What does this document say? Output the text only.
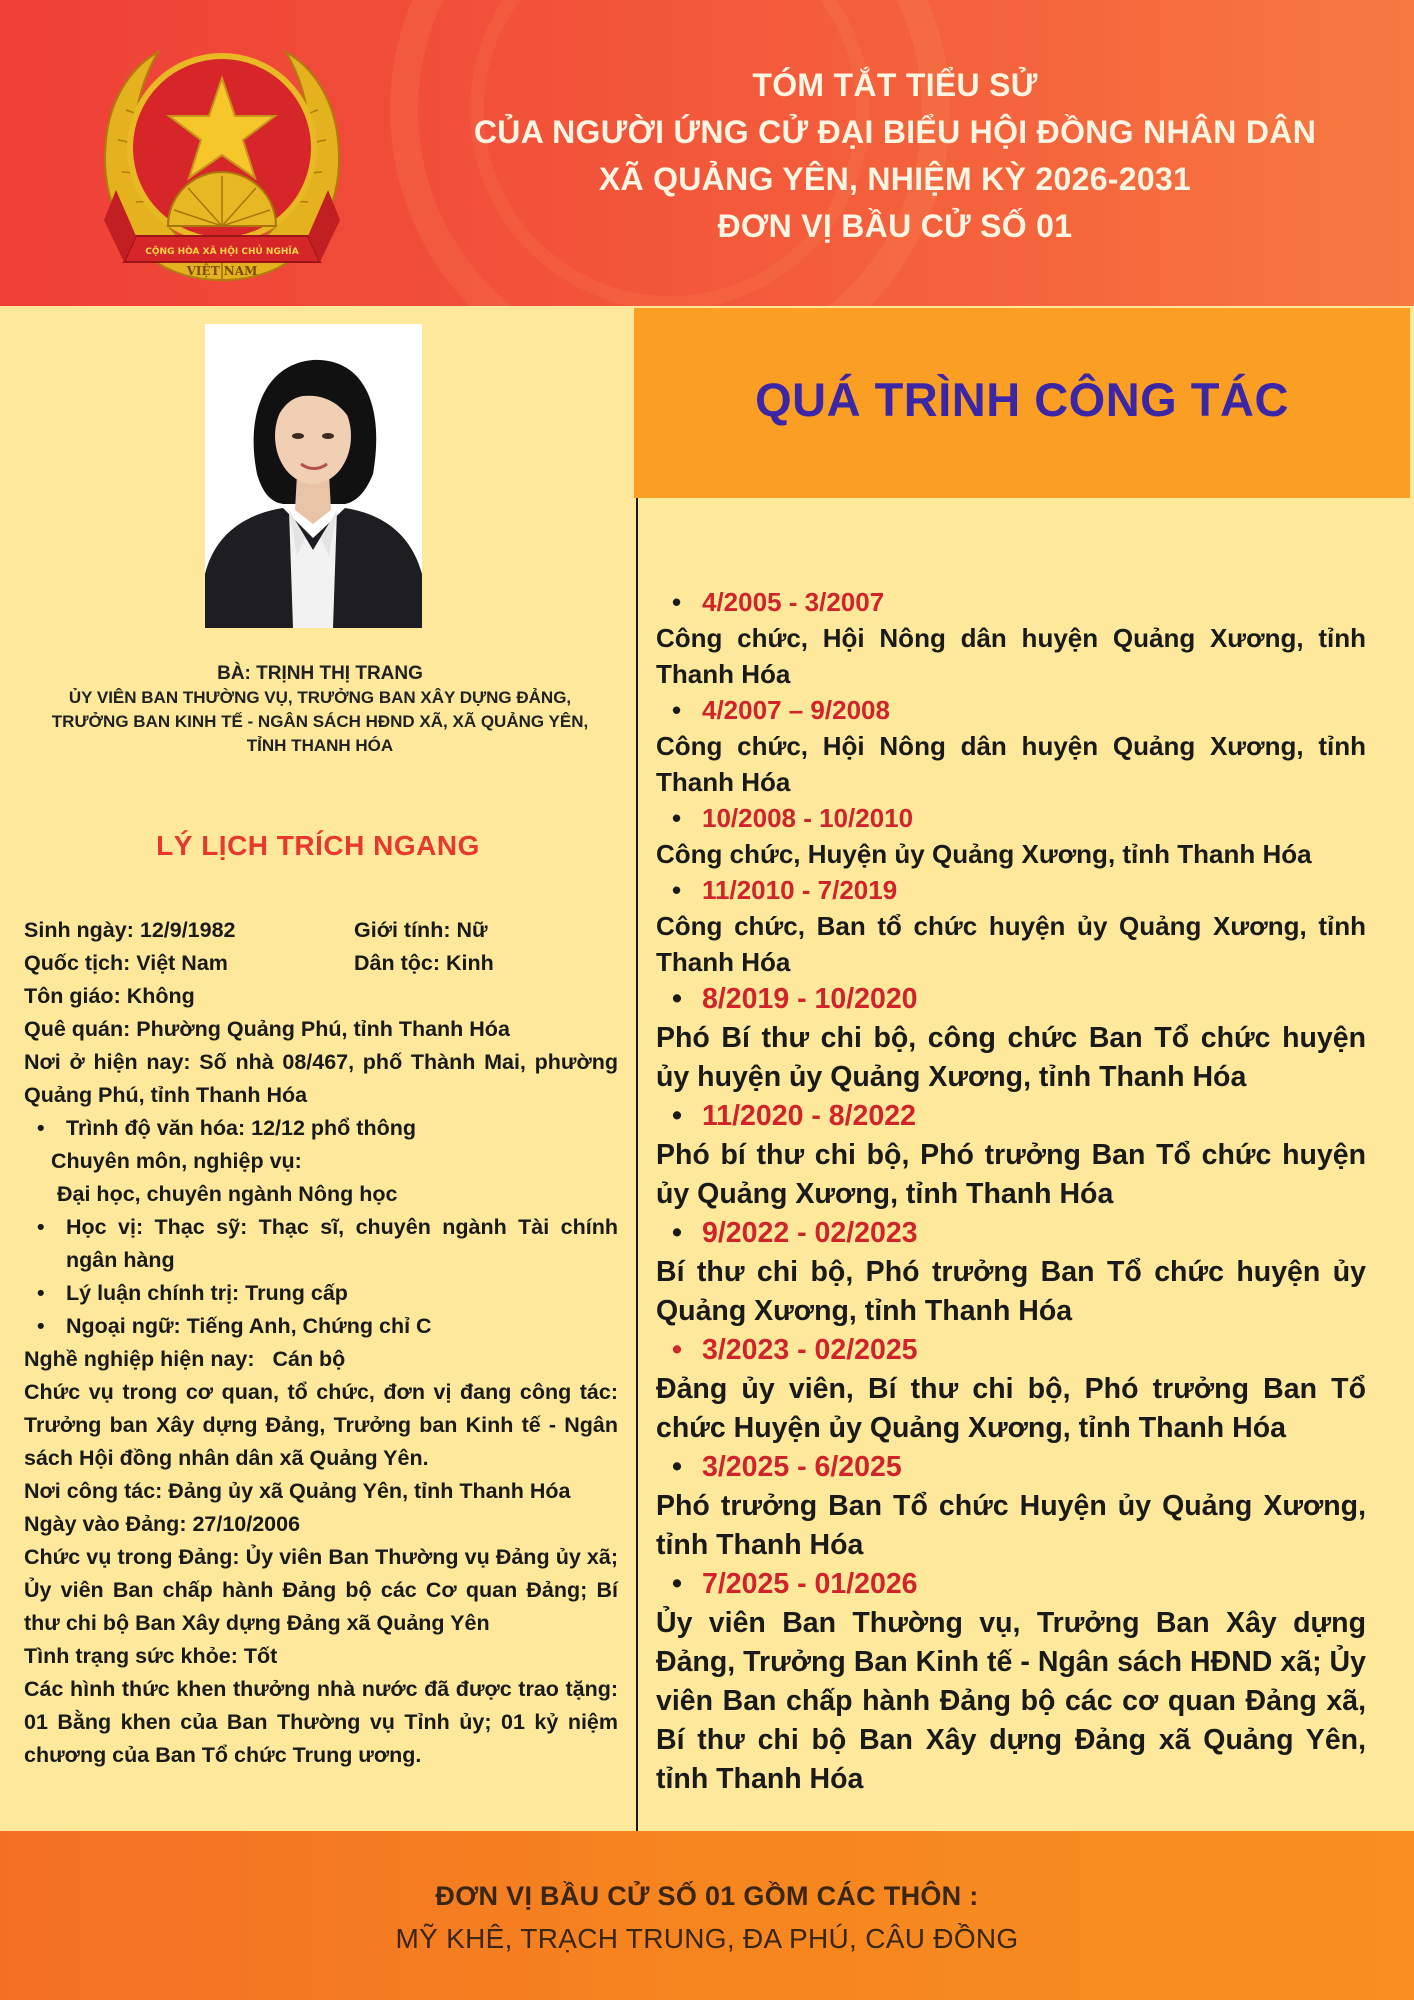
CỘNG HÒA XÃ HỘI CHỦ NGHĨA
VIỆT NAM
TÓM TẮT TIỂU SỬ
CỦA NGƯỜI ỨNG CỬ ĐẠI BIỂU HỘI ĐỒNG NHÂN DÂN
XÃ QUẢNG YÊN, NHIỆM KỲ 2026-2031
ĐƠN VỊ BẦU CỬ SỐ 01
BÀ: TRỊNH THỊ TRANG
ỦY VIÊN BAN THƯỜNG VỤ, TRƯỞNG BAN XÂY DỰNG ĐẢNG,
TRƯỞNG BAN KINH TẾ - NGÂN SÁCH HĐND XÃ, XÃ QUẢNG YÊN,
TỈNH THANH HÓA
LÝ LỊCH TRÍCH NGANG
Sinh ngày: 12/9/1982	Giới tính: Nữ
Quốc tịch: Việt Nam	Dân tộc: Kinh
Tôn giáo: Không
Quê quán: Phường Quảng Phú, tỉnh Thanh Hóa
Nơi ở hiện nay: Số nhà 08/467, phố Thành Mai, phường Quảng Phú, tỉnh Thanh Hóa
• Trình độ văn hóa: 12/12 phổ thông
Chuyên môn, nghiệp vụ:
Đại học, chuyên ngành Nông học
• Học vị: Thạc sỹ: Thạc sĩ, chuyên ngành Tài chính ngân hàng
• Lý luận chính trị: Trung cấp
• Ngoại ngữ: Tiếng Anh, Chứng chỉ C
Nghề nghiệp hiện nay:   Cán bộ
Chức vụ trong cơ quan, tổ chức, đơn vị đang công tác: Trưởng ban Xây dựng Đảng, Trưởng ban Kinh tế - Ngân sách Hội đồng nhân dân xã Quảng Yên.
Nơi công tác: Đảng ủy xã Quảng Yên, tỉnh Thanh Hóa
Ngày vào Đảng: 27/10/2006
Chức vụ trong Đảng: Ủy viên Ban Thường vụ Đảng ủy xã; Ủy viên Ban chấp hành Đảng bộ các Cơ quan Đảng; Bí thư chi bộ Ban Xây dựng Đảng xã Quảng Yên
Tình trạng sức khỏe: Tốt
Các hình thức khen thưởng nhà nước đã được trao tặng: 01 Bằng khen của Ban Thường vụ Tỉnh ủy; 01 kỷ niệm chương của Ban Tổ chức Trung ương.
QUÁ TRÌNH CÔNG TÁC
• 4/2005 - 3/2007
Công chức, Hội Nông dân huyện Quảng Xương, tỉnh Thanh Hóa
• 4/2007 – 9/2008
Công chức, Hội Nông dân huyện Quảng Xương, tỉnh Thanh Hóa
• 10/2008 - 10/2010
Công chức, Huyện ủy Quảng Xương, tỉnh Thanh Hóa
• 11/2010 - 7/2019
Công chức, Ban tổ chức huyện ủy Quảng Xương, tỉnh Thanh Hóa
• 8/2019 - 10/2020
Phó Bí thư chi bộ, công chức Ban Tổ chức huyện ủy huyện ủy Quảng Xương, tỉnh Thanh Hóa
• 11/2020 - 8/2022
Phó bí thư chi bộ, Phó trưởng Ban Tổ chức huyện ủy Quảng Xương, tỉnh Thanh Hóa
• 9/2022 - 02/2023
Bí thư chi bộ, Phó trưởng Ban Tổ chức huyện ủy Quảng Xương, tỉnh Thanh Hóa
• 3/2023 - 02/2025
Đảng ủy viên, Bí thư chi bộ, Phó trưởng Ban Tổ chức Huyện ủy Quảng Xương, tỉnh Thanh Hóa
• 3/2025 - 6/2025
Phó trưởng Ban Tổ chức Huyện ủy Quảng Xương, tỉnh Thanh Hóa
• 7/2025 - 01/2026
Ủy viên Ban Thường vụ, Trưởng Ban Xây dựng Đảng, Trưởng Ban Kinh tế - Ngân sách HĐND xã; Ủy viên Ban chấp hành Đảng bộ các cơ quan Đảng xã, Bí thư chi bộ Ban Xây dựng Đảng xã Quảng Yên, tỉnh Thanh Hóa
ĐƠN VỊ BẦU CỬ SỐ 01 GỒM CÁC THÔN :
MỸ KHÊ, TRẠCH TRUNG, ĐA PHÚ, CÂU ĐỒNG
